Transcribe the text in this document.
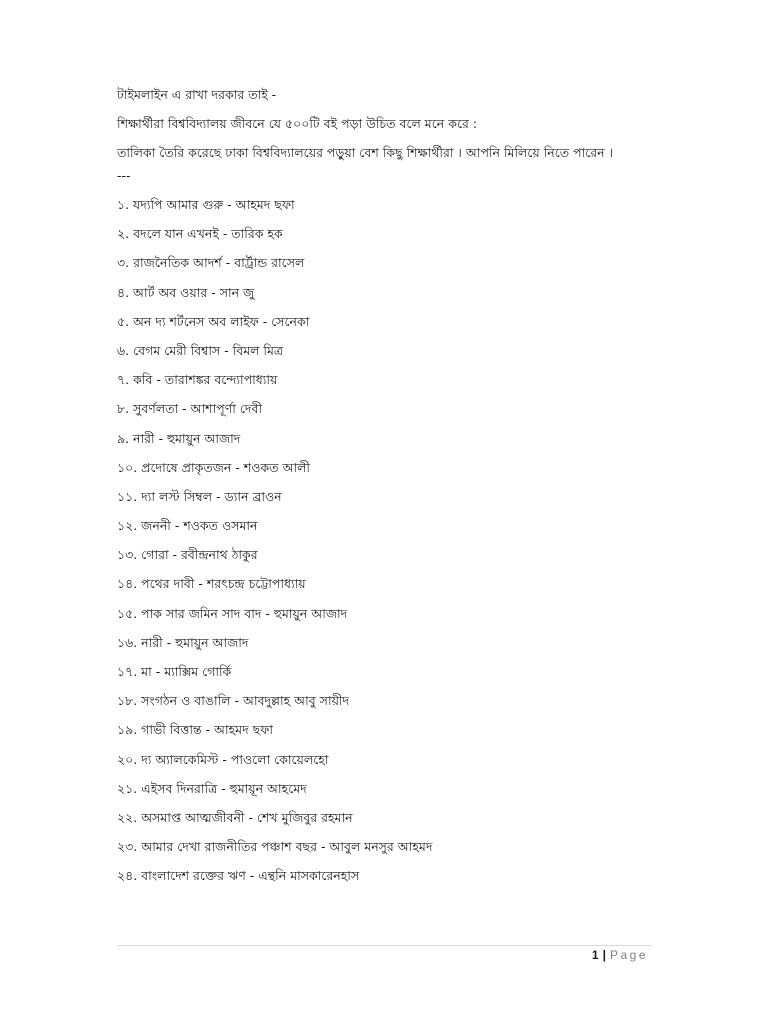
টাইমলাইন এ রাখা দরকার তাই -

শিক্ষার্থীরা বিশ্ববিদ্যালয় জীবনে যে ৫০০টি বই পড়া উচিত বলে মনে করে :

তালিকা তৈরি করেছে ঢাকা বিশ্ববিদ্যালয়ের পড়ুয়া বেশ কিছু শিক্ষার্থীরা । আপনি মিলিয়ে নিতে পারেন ।

---

১. যদ্যপি আমার গুরু - আহমদ ছফা
২. বদলে যান এখনই - তারিক হক
৩. রাজনৈতিক আদর্শ - বার্ট্রান্ড রাসেল
৪. আর্ট অব ওয়ার - সান জু
৫. অন দ্য শর্টনেস অব লাইফ - সেনেকা
৬. বেগম মেরী বিশ্বাস - বিমল মিত্র
৭. কবি - তারাশঙ্কর বন্দ্যোপাধ্যায়
৮. সুবর্ণলতা - আশাপূর্ণা দেবী
৯. নারী - হুমায়ুন আজাদ
১০. প্রদোষে প্রাকৃতজন - শওকত আলী
১১. দ্যা লস্ট সিম্বল - ড্যান ব্রাওন
১২. জননী - শওকত ওসমান
১৩. গোরা - রবীন্দ্রনাথ ঠাকুর
১৪. পথের দাবী - শরৎচন্দ্র চট্টোপাধ্যায়
১৫. পাক সার জমিন সাদ বাদ - হুমায়ুন আজাদ
১৬. নারী - হুমায়ুন আজাদ
১৭. মা - ম্যাক্সিম গোর্কি
১৮. সংগঠন ও বাঙালি - আবদুল্লাহ আবু সায়ীদ
১৯. গাভী বিত্তান্ত - আহমদ ছফা
২০. দ্য অ্যালকেমিস্ট - পাওলো কোয়েলহো
২১. এইসব দিনরাত্রি - হুমায়ূন আহমেদ
২২. অসমাপ্ত আত্মজীবনী - শেখ মুজিবুর রহমান
২৩. আমার দেখা রাজনীতির পঞ্চাশ বছর - আবুল মনসুর আহমদ
২৪. বাংলাদেশ রক্তের ঋণ - এন্থনি মাসকারেনহাস
1 | Page
